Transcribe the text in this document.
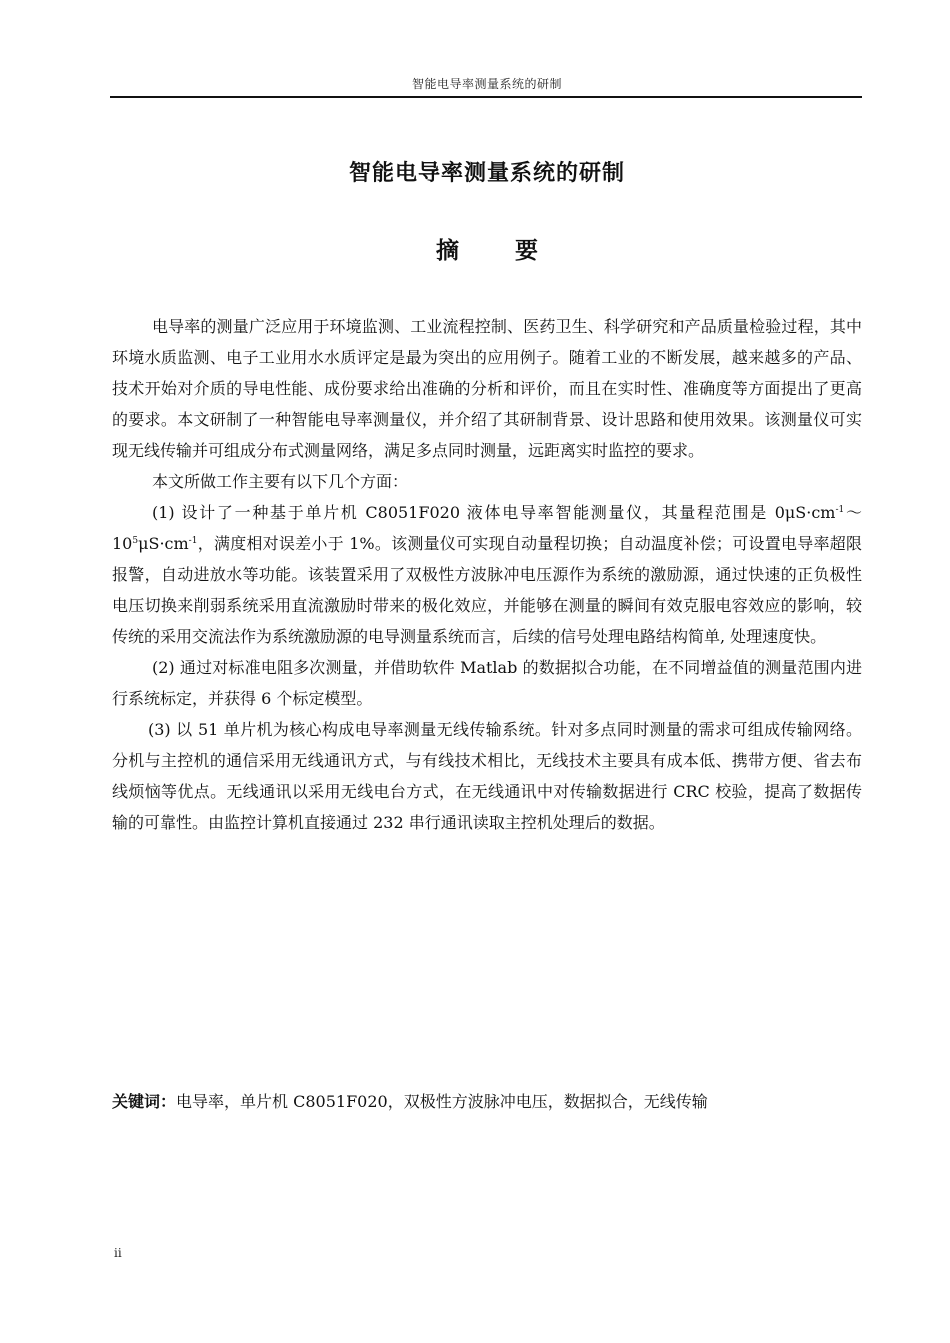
智能电导率测量系统的研制
智能电导率测量系统的研制
摘 要

电导率的测量广泛应用于环境监测、工业流程控制、医药卫生、科学研究和产品质量检验过程，其中环境水质监测、电子工业用水水质评定是最为突出的应用例子。随着工业的不断发展，越来越多的产品、技术开始对介质的导电性能、成份要求给出准确的分析和评价，而且在实时性、准确度等方面提出了更高的要求。本文研制了一种智能电导率测量仪，并介绍了其研制背景、设计思路和使用效果。该测量仪可实现无线传输并可组成分布式测量网络，满足多点同时测量，远距离实时监控的要求。

本文所做工作主要有以下几个方面：

(1) 设计了一种基于单片机 C8051F020 液体电导率智能测量仪，其量程范围是 $0\mu S\cdot cm^{-1}\sim 10^5\mu S\cdot cm^{-1}$，满度相对误差小于 1%。该测量仪可实现自动量程切换；自动温度补偿；可设置电导率超限报警，自动进放水等功能。该装置采用了双极性方波脉冲电压源作为系统的激励源，通过快速的正负极性电压切换来削弱系统采用直流激励时带来的极化效应，并能够在测量的瞬间有效克服电容效应的影响，较传统的采用交流法作为系统激励源的电导测量系统而言，后续的信号处理电路结构简单, 处理速度快。

(2) 通过对标准电阻多次测量，并借助软件 Matlab 的数据拟合功能，在不同增益值的测量范围内进行系统标定，并获得 6 个标定模型。

(3) 以 51 单片机为核心构成电导率测量无线传输系统。针对多点同时测量的需求可组成传输网络。分机与主控机的通信采用无线通讯方式，与有线技术相比，无线技术主要具有成本低、携带方便、省去布线烦恼等优点。无线通讯以采用无线电台方式，在无线通讯中对传输数据进行 CRC 校验，提高了数据传输的可靠性。由监控计算机直接通过 232 串行通讯读取主控机处理后的数据。

关键词：电导率，单片机 C8051F020，双极性方波脉冲电压，数据拟合，无线传输
ii
